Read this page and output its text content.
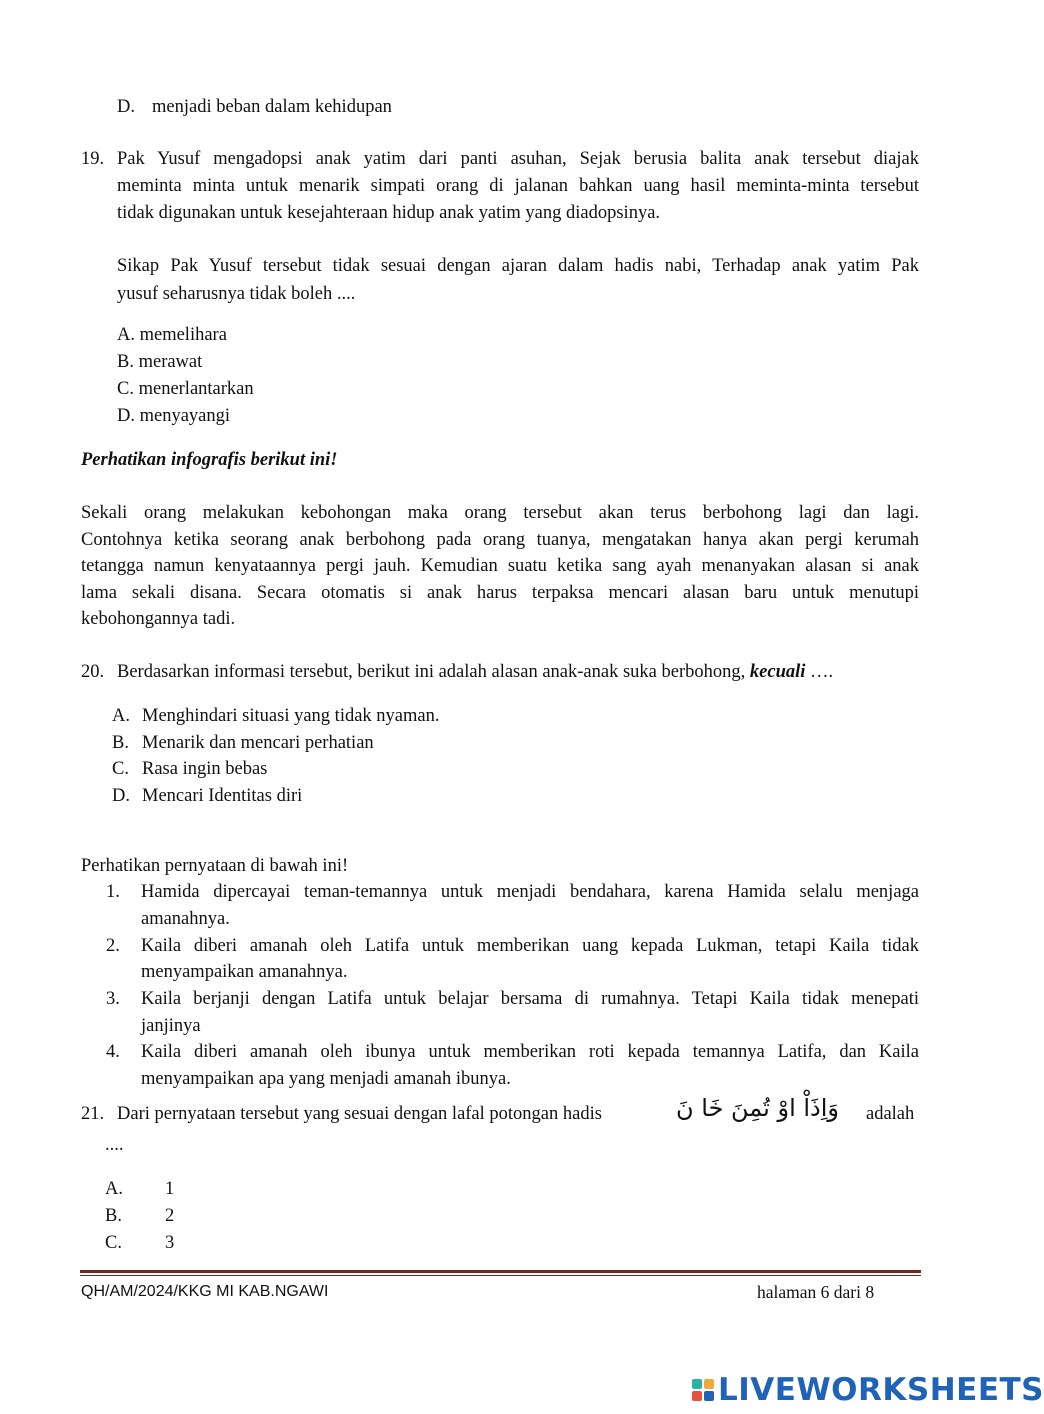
D. menjadi beban dalam kehidupan
19. Pak Yusuf mengadopsi anak yatim dari panti asuhan, Sejak berusia balita anak tersebut diajak
meminta minta untuk menarik simpati orang di jalanan bahkan uang hasil meminta-minta tersebut
tidak digunakan untuk kesejahteraan hidup anak yatim yang diadopsinya.
Sikap Pak Yusuf tersebut tidak sesuai dengan ajaran dalam hadis nabi, Terhadap anak yatim Pak
yusuf seharusnya tidak boleh ....
A. memelihara
B. merawat
C. menerlantarkan
D. menyayangi
Perhatikan infografis berikut ini!
Sekali orang melakukan kebohongan maka orang tersebut akan terus berbohong lagi dan lagi.
Contohnya ketika seorang anak berbohong pada orang tuanya, mengatakan hanya akan pergi kerumah
tetangga namun kenyataannya pergi jauh. Kemudian suatu ketika sang ayah menanyakan alasan si anak
lama sekali disana. Secara otomatis si anak harus terpaksa mencari alasan baru untuk menutupi
kebohongannya tadi.
20. Berdasarkan informasi tersebut, berikut ini adalah alasan anak-anak suka berbohong, kecuali ….
A. Menghindari situasi yang tidak nyaman.
B. Menarik dan mencari perhatian
C. Rasa ingin bebas
D. Mencari Identitas diri
Perhatikan pernyataan di bawah ini!
1. Hamida dipercayai teman-temannya untuk menjadi bendahara, karena Hamida selalu menjaga
amanahnya.
2. Kaila diberi amanah oleh Latifa untuk memberikan uang kepada Lukman, tetapi Kaila tidak
menyampaikan amanahnya.
3. Kaila berjanji dengan Latifa untuk belajar bersama di rumahnya. Tetapi Kaila tidak menepati
janjinya
4. Kaila diberi amanah oleh ibunya untuk memberikan roti kepada temannya Latifa, dan Kaila
menyampaikan apa yang menjadi amanah ibunya.
21. Dari pernyataan tersebut yang sesuai dengan lafal potongan hadis	وَاِذَاْ اوْ تُمِنَ خَا نَ adalah
....
A. 1
B. 2
C. 3
QH/AM/2024/KKG MI KAB.NGAWI	halaman 6 dari 8
LIVEWORKSHEETS
